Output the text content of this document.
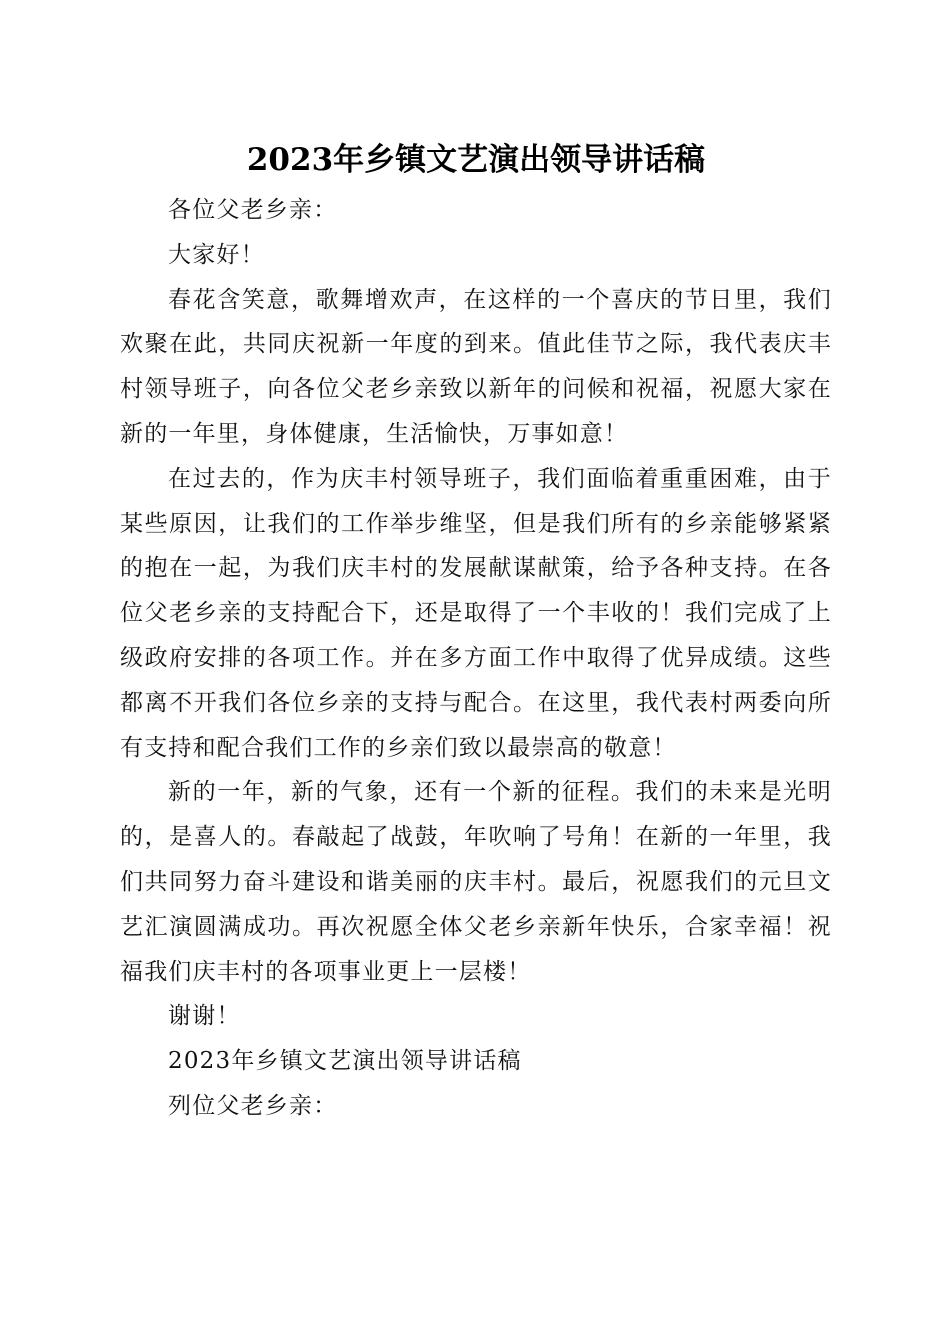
2023年乡镇文艺演出领导讲话稿

各位父老乡亲：

大家好！

春花含笑意，歌舞增欢声，在这样的一个喜庆的节日里，我们欢聚在此，共同庆祝新一年度的到来。值此佳节之际，我代表庆丰村领导班子，向各位父老乡亲致以新年的问候和祝福，祝愿大家在新的一年里，身体健康，生活愉快，万事如意！

在过去的，作为庆丰村领导班子，我们面临着重重困难，由于某些原因，让我们的工作举步维坚，但是我们所有的乡亲能够紧紧的抱在一起，为我们庆丰村的发展献谋献策，给予各种支持。在各位父老乡亲的支持配合下，还是取得了一个丰收的！我们完成了上级政府安排的各项工作。并在多方面工作中取得了优异成绩。这些都离不开我们各位乡亲的支持与配合。在这里，我代表村两委向所有支持和配合我们工作的乡亲们致以最崇高的敬意！

新的一年，新的气象，还有一个新的征程。我们的未来是光明的，是喜人的。春敲起了战鼓，年吹响了号角！在新的一年里，我们共同努力奋斗建设和谐美丽的庆丰村。最后，祝愿我们的元旦文艺汇演圆满成功。再次祝愿全体父老乡亲新年快乐，合家幸福！祝福我们庆丰村的各项事业更上一层楼！

谢谢！

2023年乡镇文艺演出领导讲话稿

列位父老乡亲：
